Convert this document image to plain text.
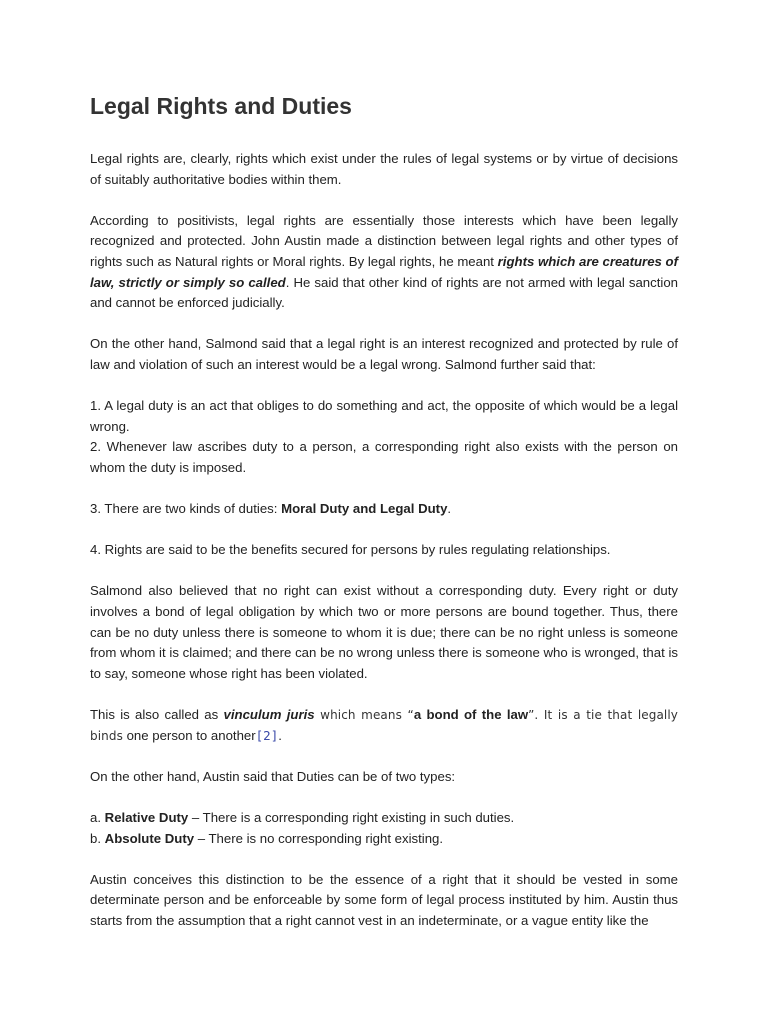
Legal Rights and Duties

Legal rights are, clearly, rights which exist under the rules of legal systems or by virtue of decisions of suitably authoritative bodies within them.

According to positivists, legal rights are essentially those interests which have been legally recognized and protected. John Austin made a distinction between legal rights and other types of rights such as Natural rights or Moral rights. By legal rights, he meant rights which are creatures of law, strictly or simply so called. He said that other kind of rights are not armed with legal sanction and cannot be enforced judicially.

On the other hand, Salmond said that a legal right is an interest recognized and protected by rule of law and violation of such an interest would be a legal wrong. Salmond further said that:

1. A legal duty is an act that obliges to do something and act, the opposite of which would be a legal wrong.

2. Whenever law ascribes duty to a person, a corresponding right also exists with the person on whom the duty is imposed.

3. There are two kinds of duties: Moral Duty and Legal Duty.

4. Rights are said to be the benefits secured for persons by rules regulating relationships.

Salmond also believed that no right can exist without a corresponding duty. Every right or duty involves a bond of legal obligation by which two or more persons are bound together. Thus, there can be no duty unless there is someone to whom it is due; there can be no right unless is someone from whom it is claimed; and there can be no wrong unless there is someone who is wronged, that is to say, someone whose right has been violated.

This is also called as vinculum juris which means “a bond of the law”. It is a tie that legally binds one person to another[2].

On the other hand, Austin said that Duties can be of two types:

a. Relative Duty – There is a corresponding right existing in such duties.

b. Absolute Duty – There is no corresponding right existing.

Austin conceives this distinction to be the essence of a right that it should be vested in some determinate person and be enforceable by some form of legal process instituted by him. Austin thus starts from the assumption that a right cannot vest in an indeterminate, or a vague entity like the
